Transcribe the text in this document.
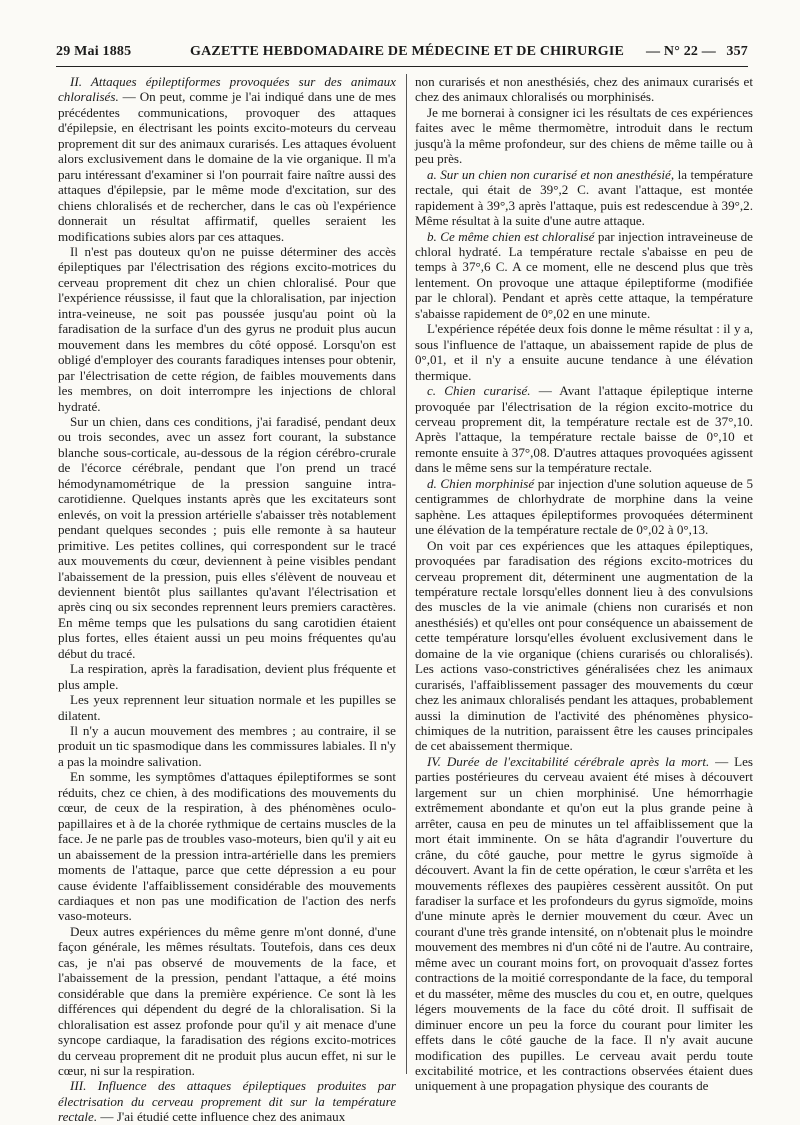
29 Mai 1885	GAZETTE HEBDOMADAIRE DE MÉDECINE ET DE CHIRURGIE — N° 22 — 357

II. Attaques épileptiformes provoquées sur des animaux chloralisés. — On peut, comme je l'ai indiqué dans une de mes précédentes communications, provoquer des attaques d'épilepsie, en électrisant les points excito-moteurs du cerveau proprement dit sur des animaux curarisés. Les attaques évoluent alors exclusivement dans le domaine de la vie organique. Il m'a paru intéressant d'examiner si l'on pourrait faire naître aussi des attaques d'épilepsie, par le même mode d'excitation, sur des chiens chloralisés et de rechercher, dans le cas où l'expérience donnerait un résultat affirmatif, quelles seraient les modifications subies alors par ces attaques.

Il n'est pas douteux qu'on ne puisse déterminer des accès épileptiques par l'électrisation des régions excito-motrices du cerveau proprement dit chez un chien chloralisé. Pour que l'expérience réussisse, il faut que la chloralisation, par injection intra-veineuse, ne soit pas poussée jusqu'au point où la faradisation de la surface d'un des gyrus ne produit plus aucun mouvement dans les membres du côté opposé. Lorsqu'on est obligé d'employer des courants faradiques intenses pour obtenir, par l'électrisation de cette région, de faibles mouvements dans les membres, on doit interrompre les injections de chloral hydraté.

Sur un chien, dans ces conditions, j'ai faradisé, pendant deux ou trois secondes, avec un assez fort courant, la substance blanche sous-corticale, au-dessous de la région cérébro-crurale de l'écorce cérébrale, pendant que l'on prend un tracé hémodynamométrique de la pression sanguine intra-carotidienne. Quelques instants après que les excitateurs sont enlevés, on voit la pression artérielle s'abaisser très notablement pendant quelques secondes ; puis elle remonte à sa hauteur primitive. Les petites collines, qui correspondent sur le tracé aux mouvements du cœur, deviennent à peine visibles pendant l'abaissement de la pression, puis elles s'élèvent de nouveau et deviennent bientôt plus saillantes qu'avant l'électrisation et après cinq ou six secondes reprennent leurs premiers caractères. En même temps que les pulsations du sang carotidien étaient plus fortes, elles étaient aussi un peu moins fréquentes qu'au début du tracé.

La respiration, après la faradisation, devient plus fréquente et plus ample.

Les yeux reprennent leur situation normale et les pupilles se dilatent.

Il n'y a aucun mouvement des membres ; au contraire, il se produit un tic spasmodique dans les commissures labiales. Il n'y a pas la moindre salivation.

En somme, les symptômes d'attaques épileptiformes se sont réduits, chez ce chien, à des modifications des mouvements du cœur, de ceux de la respiration, à des phénomènes oculo-papillaires et à de la chorée rythmique de certains muscles de la face. Je ne parle pas de troubles vaso-moteurs, bien qu'il y ait eu un abaissement de la pression intra-artérielle dans les premiers moments de l'attaque, parce que cette dépression a eu pour cause évidente l'affaiblissement considérable des mouvements cardiaques et non pas une modification de l'action des nerfs vaso-moteurs.

Deux autres expériences du même genre m'ont donné, d'une façon générale, les mêmes résultats. Toutefois, dans ces deux cas, je n'ai pas observé de mouvements de la face, et l'abaissement de la pression, pendant l'attaque, a été moins considérable que dans la première expérience. Ce sont là les différences qui dépendent du degré de la chloralisation. Si la chloralisation est assez profonde pour qu'il y ait menace d'une syncope cardiaque, la faradisation des régions excito-motrices du cerveau proprement dit ne produit plus aucun effet, ni sur le cœur, ni sur la respiration.

III. Influence des attaques épileptiques produites par électrisation du cerveau proprement dit sur la température rectale. — J'ai étudié cette influence chez des animaux

non curarisés et non anesthésiés, chez des animaux curarisés et chez des animaux chloralisés ou morphinisés.

Je me bornerai à consigner ici les résultats de ces expériences faites avec le même thermomètre, introduit dans le rectum jusqu'à la même profondeur, sur des chiens de même taille ou à peu près.

a. Sur un chien non curarisé et non anesthésié, la température rectale, qui était de 39°,2 C. avant l'attaque, est montée rapidement à 39°,3 après l'attaque, puis est redescendue à 39°,2. Même résultat à la suite d'une autre attaque.

b. Ce même chien est chloralisé par injection intraveineuse de chloral hydraté. La température rectale s'abaisse en peu de temps à 37°,6 C. A ce moment, elle ne descend plus que très lentement. On provoque une attaque épileptiforme (modifiée par le chloral). Pendant et après cette attaque, la température s'abaisse rapidement de 0°,02 en une minute.

L'expérience répétée deux fois donne le même résultat : il y a, sous l'influence de l'attaque, un abaissement rapide de plus de 0°,01, et il n'y a ensuite aucune tendance à une élévation thermique.

c. Chien curarisé. — Avant l'attaque épileptique interne provoquée par l'électrisation de la région excito-motrice du cerveau proprement dit, la température rectale est de 37°,10. Après l'attaque, la température rectale baisse de 0°,10 et remonte ensuite à 37°,08. D'autres attaques provoquées agissent dans le même sens sur la température rectale.

d. Chien morphinisé par injection d'une solution aqueuse de 5 centigrammes de chlorhydrate de morphine dans la veine saphène. Les attaques épileptiformes provoquées déterminent une élévation de la température rectale de 0°,02 à 0°,13.

On voit par ces expériences que les attaques épileptiques, provoquées par faradisation des régions excito-motrices du cerveau proprement dit, déterminent une augmentation de la température rectale lorsqu'elles donnent lieu à des convulsions des muscles de la vie animale (chiens non curarisés et non anesthésiés) et qu'elles ont pour conséquence un abaissement de cette température lorsqu'elles évoluent exclusivement dans le domaine de la vie organique (chiens curarisés ou chloralisés). Les actions vaso-constrictives généralisées chez les animaux curarisés, l'affaiblissement passager des mouvements du cœur chez les animaux chloralisés pendant les attaques, probablement aussi la diminution de l'activité des phénomènes physico-chimiques de la nutrition, paraissent être les causes principales de cet abaissement thermique.

IV. Durée de l'excitabilité cérébrale après la mort. — Les parties postérieures du cerveau avaient été mises à découvert largement sur un chien morphinisé. Une hémorrhagie extrêmement abondante et qu'on eut la plus grande peine à arrêter, causa en peu de minutes un tel affaiblissement que la mort était imminente. On se hâta d'agrandir l'ouverture du crâne, du côté gauche, pour mettre le gyrus sigmoïde à découvert. Avant la fin de cette opération, le cœur s'arrêta et les mouvements réflexes des paupières cessèrent aussitôt. On put faradiser la surface et les profondeurs du gyrus sigmoïde, moins d'une minute après le dernier mouvement du cœur. Avec un courant d'une très grande intensité, on n'obtenait plus le moindre mouvement des membres ni d'un côté ni de l'autre. Au contraire, même avec un courant moins fort, on provoquait d'assez fortes contractions de la moitié correspondante de la face, du temporal et du masséter, même des muscles du cou et, en outre, quelques légers mouvements de la face du côté droit. Il suffisait de diminuer encore un peu la force du courant pour limiter les effets dans le côté gauche de la face. Il n'y avait aucune modification des pupilles. Le cerveau avait perdu toute excitabilité motrice, et les contractions observées étaient dues uniquement à une propagation physique des courants de
